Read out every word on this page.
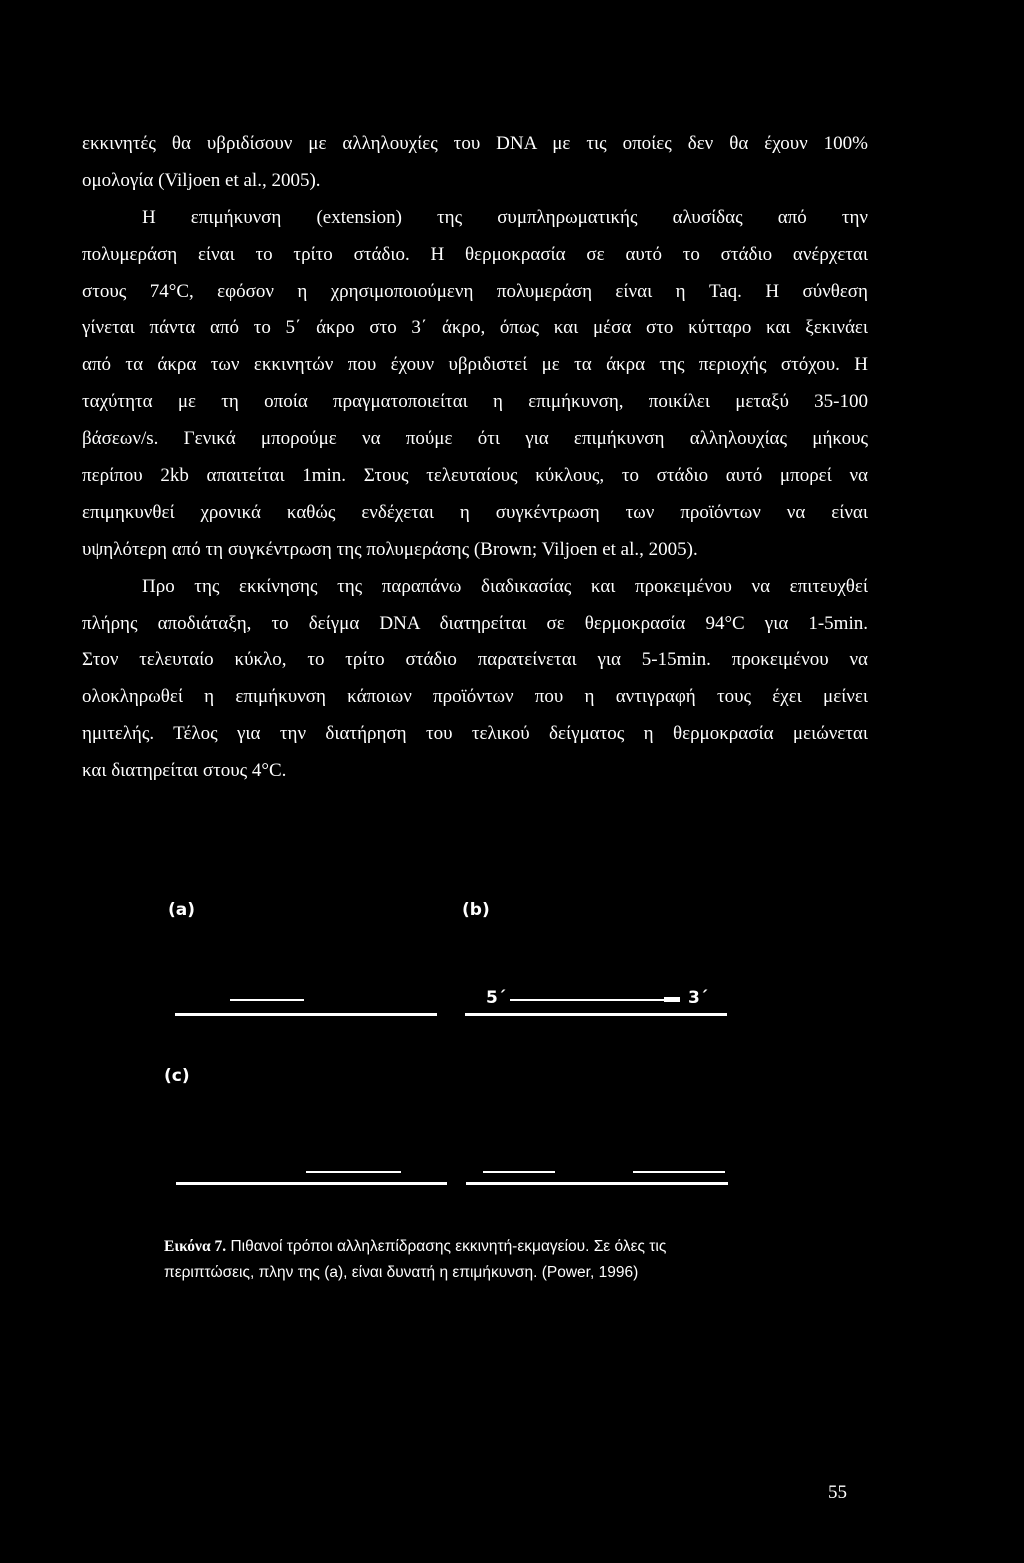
εκκινητές θα υβριδίσουν με αλληλουχίες του DNA με τις οποίες δεν θα έχουν 100%
ομολογία (Viljoen et al., 2005).
Η επιμήκυνση (extension) της συμπληρωματικής αλυσίδας από την
πολυμεράση είναι το τρίτο στάδιο. Η θερμοκρασία σε αυτό το στάδιο ανέρχεται
στους 74°C, εφόσον η χρησιμοποιούμενη πολυμεράση είναι η Taq. Η σύνθεση
γίνεται πάντα από το 5΄ άκρο στο 3΄ άκρο, όπως και μέσα στο κύτταρο και ξεκινάει
από τα άκρα των εκκινητών που έχουν υβριδιστεί με τα άκρα της περιοχής στόχου. Η
ταχύτητα με τη οποία πραγματοποιείται η επιμήκυνση, ποικίλει μεταξύ 35-100
βάσεων/s. Γενικά μπορούμε να πούμε ότι για επιμήκυνση αλληλουχίας μήκους
περίπου 2kb απαιτείται 1min. Στους τελευταίους κύκλους, το στάδιο αυτό μπορεί να
επιμηκυνθεί χρονικά καθώς ενδέχεται η συγκέντρωση των προϊόντων να είναι
υψηλότερη από τη συγκέντρωση της πολυμεράσης (Brown; Viljoen et al., 2005).
Προ της εκκίνησης της παραπάνω διαδικασίας και προκειμένου να επιτευχθεί
πλήρης αποδιάταξη, το δείγμα DNA διατηρείται σε θερμοκρασία 94°C για 1-5min.
Στον τελευταίο κύκλο, το τρίτο στάδιο παρατείνεται για 5-15min. προκειμένου να
ολοκληρωθεί η επιμήκυνση κάποιων προϊόντων που η αντιγραφή τους έχει μείνει
ημιτελής. Τέλος για την διατήρηση του τελικού δείγματος η θερμοκρασία μειώνεται
και διατηρείται στους 4°C.
(a)	(b)
5΄	3΄
(c)
Εικόνα 7. Πιθανοί τρόποι αλληλεπίδρασης εκκινητή-εκμαγείου. Σε όλες τις
περιπτώσεις, πλην της (a), είναι δυνατή η επιμήκυνση. (Power, 1996)
55
